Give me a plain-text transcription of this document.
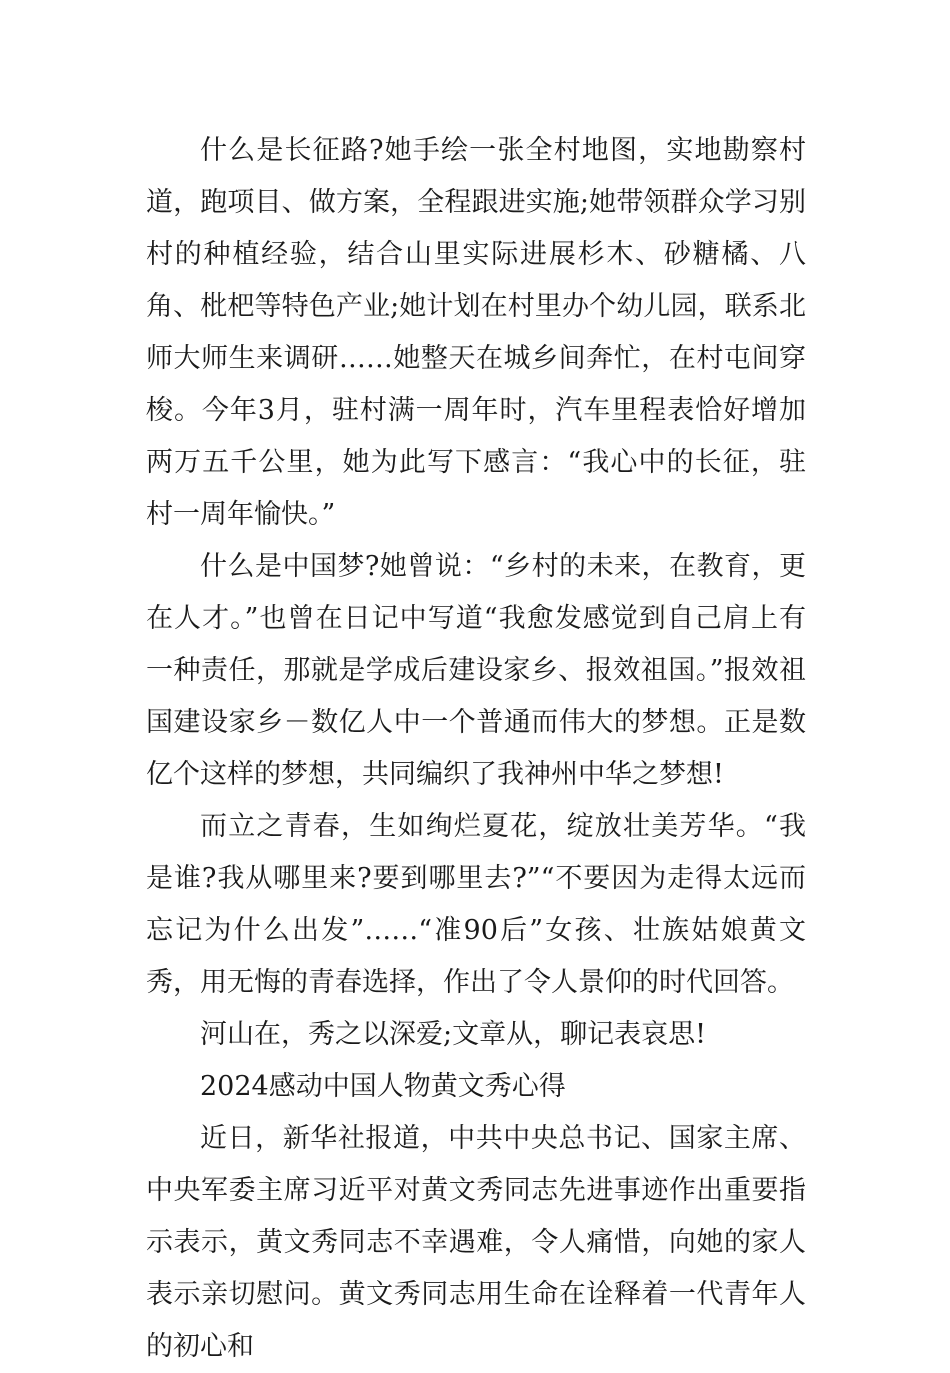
什么是长征路?她手绘一张全村地图，实地勘察村道，跑项目、做方案，全程跟进实施;她带领群众学习别村的种植经验，结合山里实际进展杉木、砂糖橘、八角、枇杷等特色产业;她计划在村里办个幼儿园，联系北师大师生来调研……她整天在城乡间奔忙，在村屯间穿梭。今年3月，驻村满一周年时，汽车里程表恰好增加两万五千公里，她为此写下感言：“我心中的长征，驻村一周年愉快。”

什么是中国梦?她曾说：“乡村的未来，在教育，更在人才。”也曾在日记中写道“我愈发感觉到自己肩上有一种责任，那就是学成后建设家乡、报效祖国。”报效祖国建设家乡－数亿人中一个普通而伟大的梦想。正是数亿个这样的梦想，共同编织了我神州中华之梦想!

而立之青春，生如绚烂夏花，绽放壮美芳华。“我是谁?我从哪里来?要到哪里去?”“不要因为走得太远而忘记为什么出发”……“准90后”女孩、壮族姑娘黄文秀，用无悔的青春选择，作出了令人景仰的时代回答。

河山在，秀之以深爱;文章从，聊记表哀思!

2024感动中国人物黄文秀心得

近日，新华社报道，中共中央总书记、国家主席、中央军委主席习近平对黄文秀同志先进事迹作出重要指示表示，黄文秀同志不幸遇难，令人痛惜，向她的家人表示亲切慰问。黄文秀同志用生命在诠释着一代青年人的初心和
